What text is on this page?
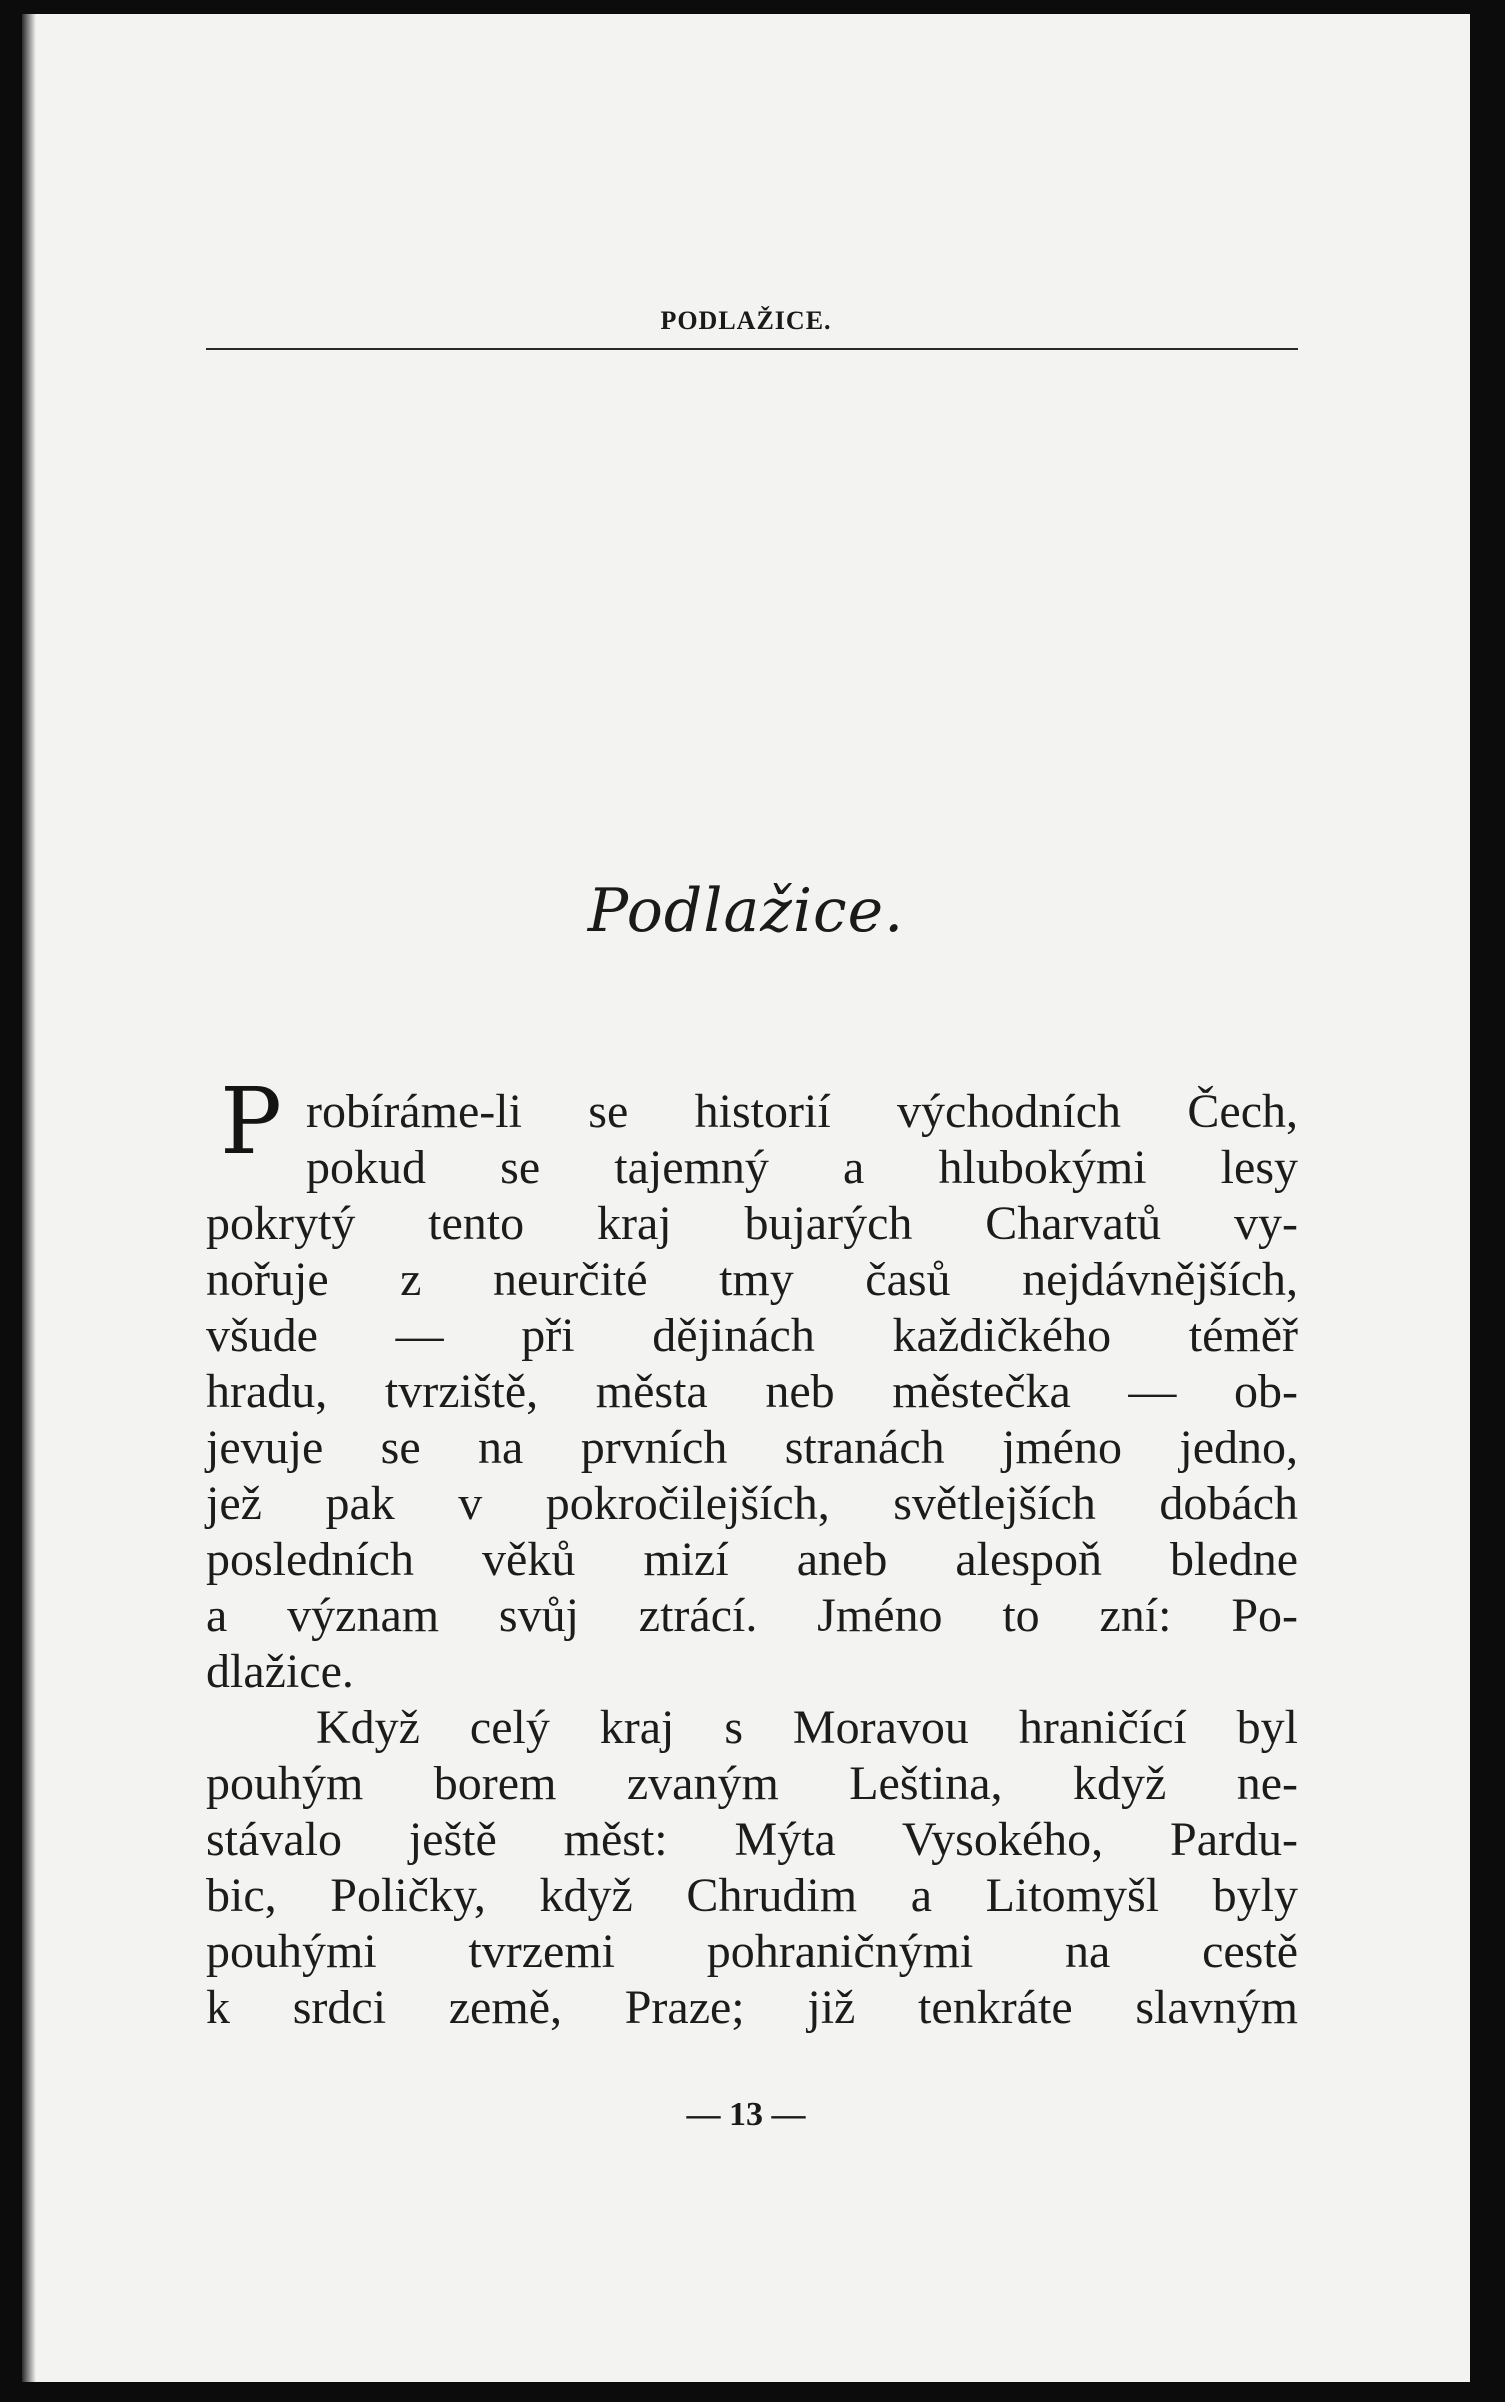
PODLAŽICE.
Podlažice.
P robíráme-li se historií východních Čech,
pokud se tajemný a hlubokými lesy
pokrytý tento kraj bujarých Charvatů vy-
nořuje z neurčité tmy časů nejdávnějších,
všude — při dějinách každičkého téměř
hradu, tvrziště, města neb městečka — ob-
jevuje se na prvních stranách jméno jedno,
jež pak v pokročilejších, světlejších dobách
posledních věků mizí aneb alespoň bledne
a význam svůj ztrácí. Jméno to zní: Po-
dlažice.
Když celý kraj s Moravou hraničící byl
pouhým borem zvaným Leština, když ne-
stávalo ještě měst: Mýta Vysokého, Pardu-
bic, Poličky, když Chrudim a Litomyšl byly
pouhými tvrzemi pohraničnými na cestě
k srdci země, Praze; již tenkráte slavným
— 13 —
